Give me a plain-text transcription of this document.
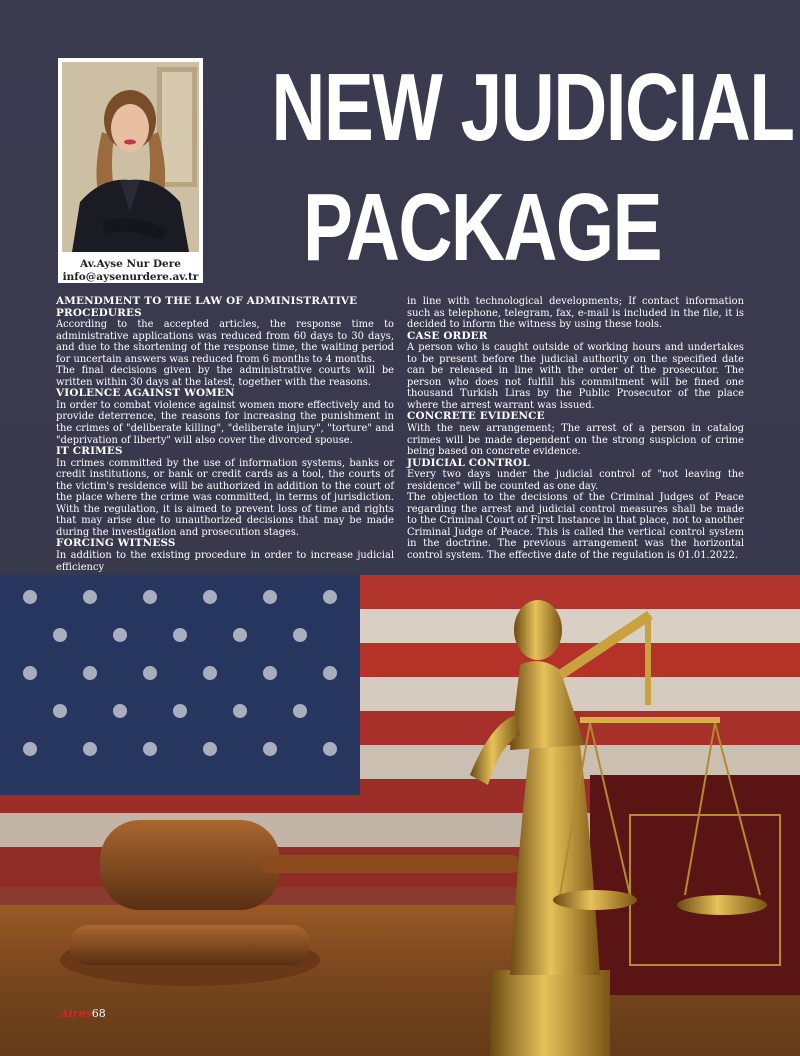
Av.Ayse Nur Dere
info@aysenurdere.av.tr
NEW JUDICIAL
PACKAGE
AMENDMENT TO THE LAW OF ADMINISTRATIVE PROCEDURES

According to the accepted articles, the response time to administrative applications was reduced from 60 days to 30 days, and due to the shortening of the response time, the waiting period for uncertain answers was reduced from 6 months to 4 months.

The final decisions given by the administrative courts will be written within 30 days at the latest, together with the reasons.

VIOLENCE AGAINST WOMEN

In order to combat violence against women more effectively and to provide deterrence, the reasons for increasing the punishment in the crimes of "deliberate killing", "deliberate injury", "torture" and "deprivation of liberty" will also cover the divorced spouse.

IT CRIMES

In crimes committed by the use of information systems, banks or credit institutions, or bank or credit cards as a tool, the courts of the victim's residence will be authorized in addition to the court of the place where the crime was committed, in terms of jurisdiction. With the regulation, it is aimed to prevent loss of time and rights that may arise due to unauthorized decisions that may be made during the investigation and prosecution stages.

FORCING WITNESS

In addition to the existing procedure in order to increase judicial efficiency

in line with technological developments; If contact information such as telephone, telegram, fax, e-mail is included in the file, it is decided to inform the witness by using these tools.

CASE ORDER

A person who is caught outside of working hours and undertakes to be present before the judicial authority on the specified date can be released in line with the order of the prosecutor. The person who does not fulfill his commitment will be fined one thousand Turkish Liras by the Public Prosecutor of the place where the arrest warrant was issued.

CONCRETE EVIDENCE

With the new arrangement; The arrest of a person in catalog crimes will be made dependent on the strong suspicion of crime being based on concrete evidence.

JUDICIAL CONTROL

Every two days under the judicial control of "not leaving the residence" will be counted as one day.

The objection to the decisions of the Criminal Judges of Peace regarding the arrest and judicial control measures shall be made to the Criminal Court of First Instance in that place, not to another Criminal Judge of Peace. This is called the vertical control system in the doctrine. The previous arrangement was the horizontal control system. The effective date of the regulation is 01.01.2022.

Aires68
